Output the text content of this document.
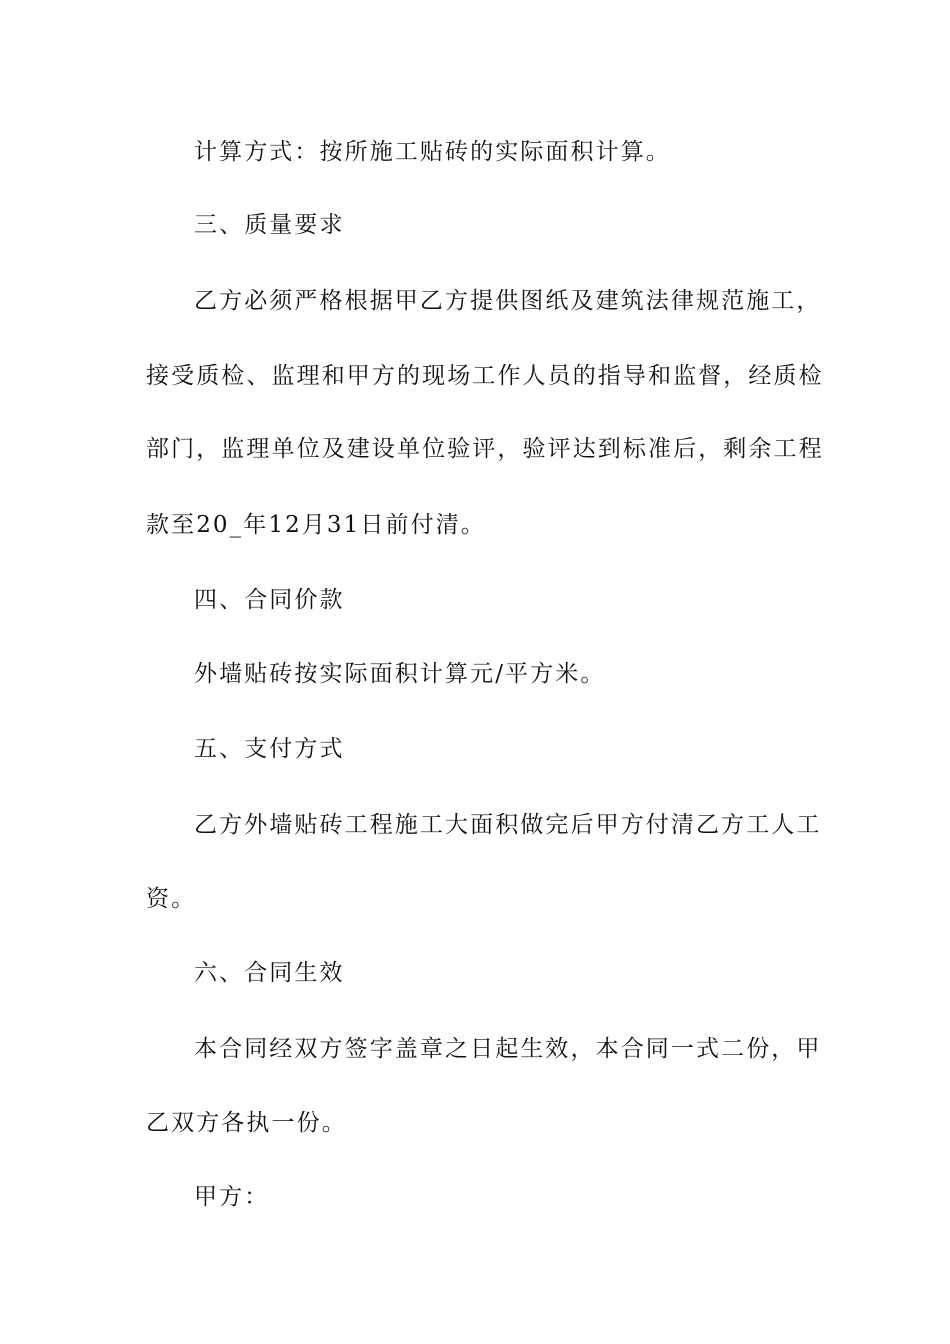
计算方式：按所施工贴砖的实际面积计算。

三、质量要求

乙方必须严格根据甲乙方提供图纸及建筑法律规范施工，

接受质检、监理和甲方的现场工作人员的指导和监督，经质检

部门，监理单位及建设单位验评，验评达到标准后，剩余工程

款至20_年12月31日前付清。

四、合同价款

外墙贴砖按实际面积计算元/平方米。

五、支付方式

乙方外墙贴砖工程施工大面积做完后甲方付清乙方工人工

资。

六、合同生效

本合同经双方签字盖章之日起生效，本合同一式二份，甲

乙双方各执一份。

甲方：
